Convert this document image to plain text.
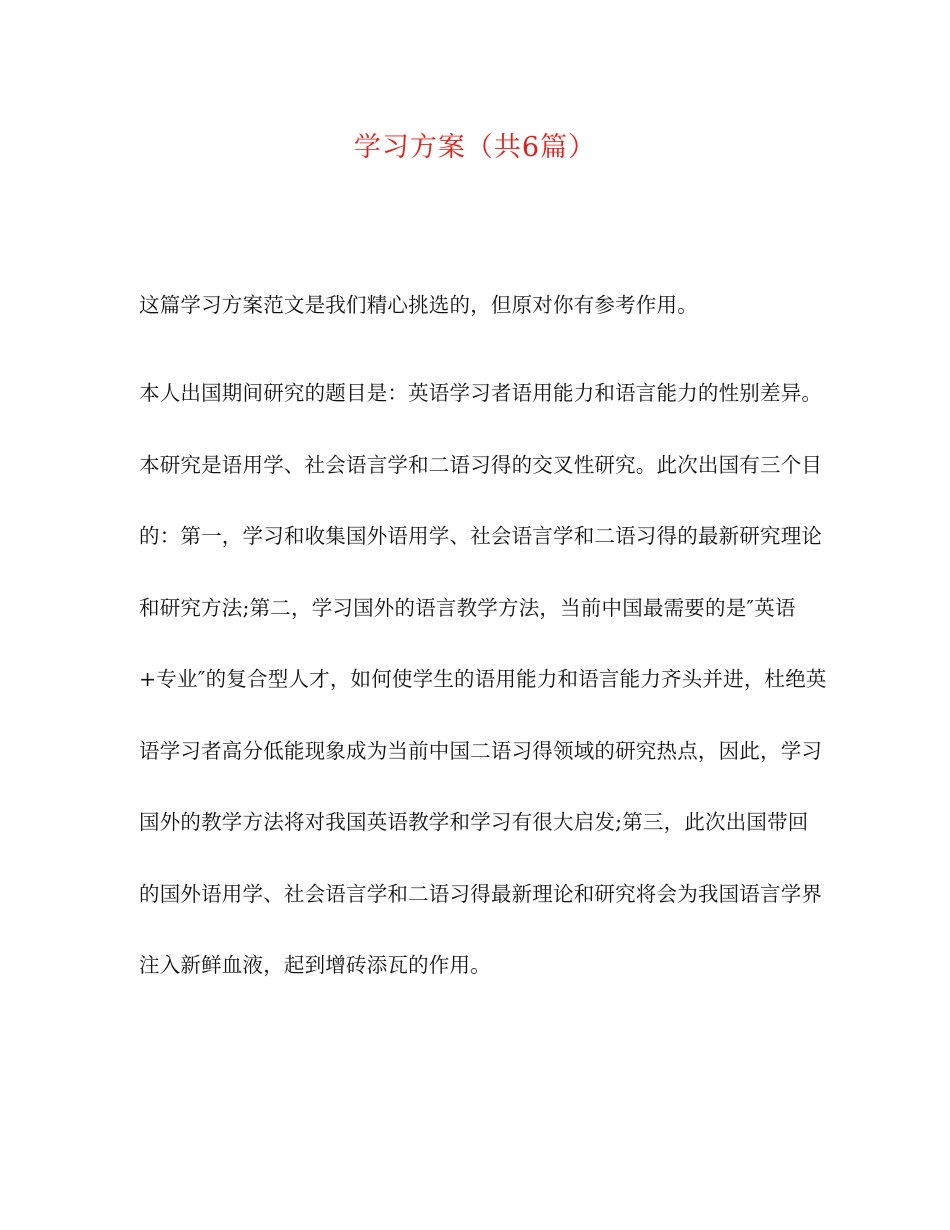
学习方案（共6篇）

这篇学习方案范文是我们精心挑选的，但原对你有参考作用。

本人出国期间研究的题目是：英语学习者语用能力和语言能力的性别差异。本研究是语用学、社会语言学和二语习得的交叉性研究。此次出国有三个目的：第一，学习和收集国外语用学、社会语言学和二语习得的最新研究理论和研究方法;第二，学习国外的语言教学方法，当前中国最需要的是″英语+专业″的复合型人才，如何使学生的语用能力和语言能力齐头并进，杜绝英语学习者高分低能现象成为当前中国二语习得领域的研究热点，因此，学习国外的教学方法将对我国英语教学和学习有很大启发;第三，此次出国带回的国外语用学、社会语言学和二语习得最新理论和研究将会为我国语言学界注入新鲜血液，起到增砖添瓦的作用。
